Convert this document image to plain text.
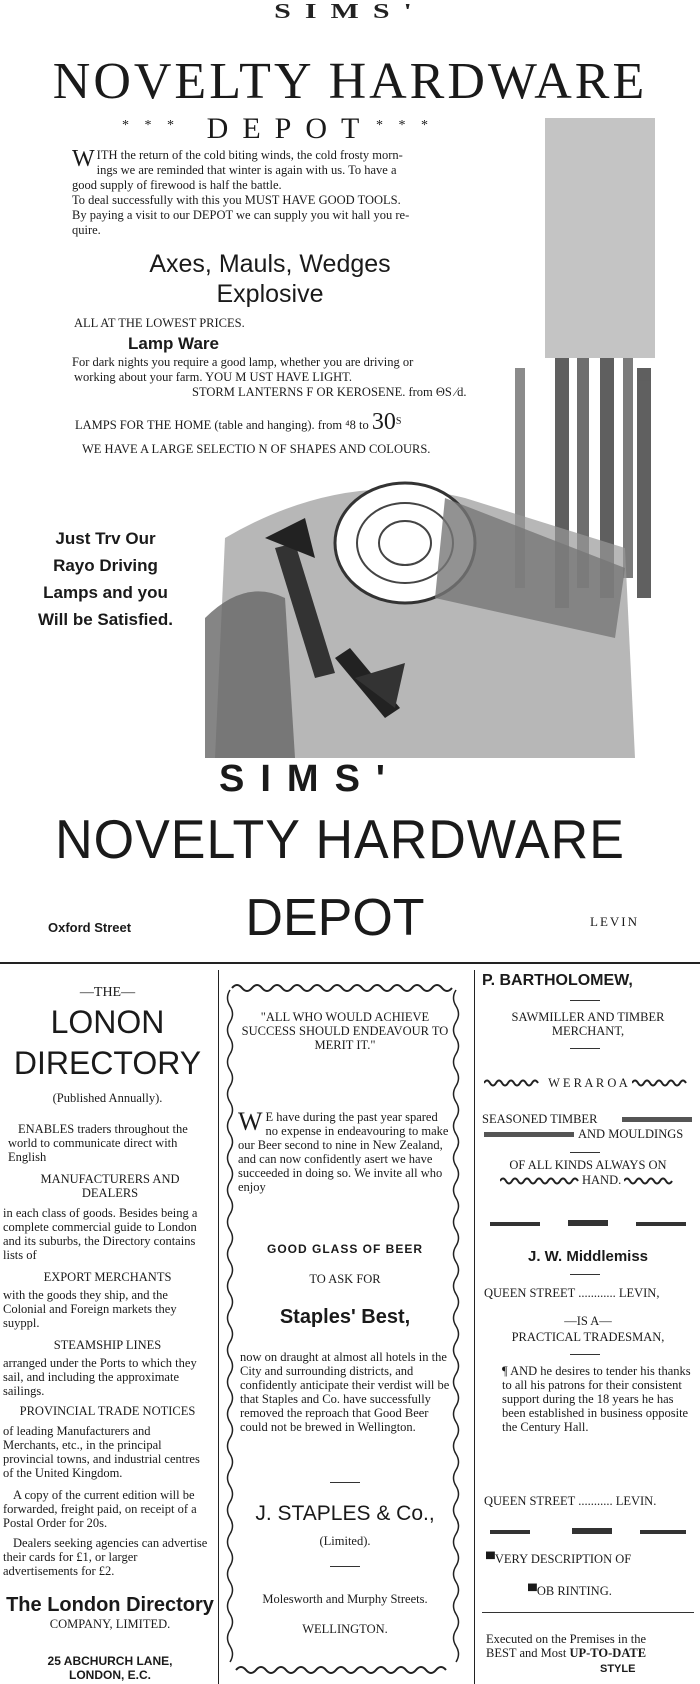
SIMS'
NOVELTY HARDWARE
* * * DEPOT * * *
W ITH the return of the cold biting winds, the cold frosty morn-
ings we are reminded that winter is again with us. To have a
good supply of firewood is half the battle.
To deal successfully with this you MUST HAVE GOOD TOOLS.
By paying a visit to our DEPOT we can supply you wit hall you re-
quire.
Axes, Mauls, Wedges
Explosive
ALL AT THE LOWEST PRICES.
Lamp Ware
For dark nights you require a good lamp, whether you are driving or
working about your farm. YOU M UST HAVE LIGHT.
STORM LANTERNS F OR KEROSENE. from ΘS ⁄d.
LAMPS FOR THE HOME (table and hanging). from ⁴8 to $30^S$
WE HAVE A LARGE SELECTIO N OF SHAPES AND COLOURS.
Just Trv Our
Rayo Driving
Lamps and you
Will be Satisfied.
SIMS'
NOVELTY HARDWARE
Oxford Street	DEPOT	LEVIN
—THE—
LONON
DIRECTORY
(Published Annually).
ENABLES traders throughout the world to communicate direct with English
MANUFACTURERS AND DEALERS
in each class of goods. Besides being a complete commercial guide to London and its suburbs, the Directory contains lists of
EXPORT MERCHANTS
with the goods they ship, and the Colonial and Foreign markets they suyppl.
STEAMSHIP LINES
arranged under the Ports to which they sail, and including the approximate sailings.
PROVINCIAL TRADE NOTICES
of leading Manufacturers and Merchants, etc., in the principal provincial towns, and industrial centres of the United Kingdom.
A copy of the current edition will be forwarded, freight paid, on receipt of a Postal Order for 20s.
Dealers seeking agencies can advertise their cards for £1, or larger advertisements for £2.
The London Directory
COMPANY, LIMITED.
25 ABCHURCH LANE,
LONDON, E.C.
"ALL WHO WOULD ACHIEVE SUCCESS SHOULD ENDEAVOUR TO MERIT IT."
W E have during the past year spared no expense in endeavouring to make our Beer second to nine in New Zealand, and can now confidently asert we have succeeded in doing so. We invite all who enjoy
GOOD GLASS OF BEER
TO ASK FOR
Staples' Best,
now on draught at almost all hotels in the City and surrounding districts, and confidently anticipate their verdist will be that Staples and Co. have successfully removed the reproach that Good Beer could not be brewed in Wellington.
J. STAPLES & Co.,
(Limited).
Molesworth and Murphy Streets.
WELLINGTON.
P. BARTHOLOMEW,
SAWMILLER AND TIMBER MERCHANT,
W E R A R O A
SEASONED TIMBER
AND MOULDINGS
OF ALL KINDS ALWAYS ON
HAND.
J. W. Middlemiss
QUEEN STREET ............ LEVIN,
—IS A—
PRACTICAL TRADESMAN,
¶ AND he desires to tender his thanks to all his patrons for their consistent support during the 18 years he has been established in business opposite the Century Hall.
QUEEN STREET ........... LEVIN.
▀VERY DESCRIPTION OF
▀OB RINTING.
Executed on the Premises in the
BEST and Most UP-TO-DATE
STYLE
